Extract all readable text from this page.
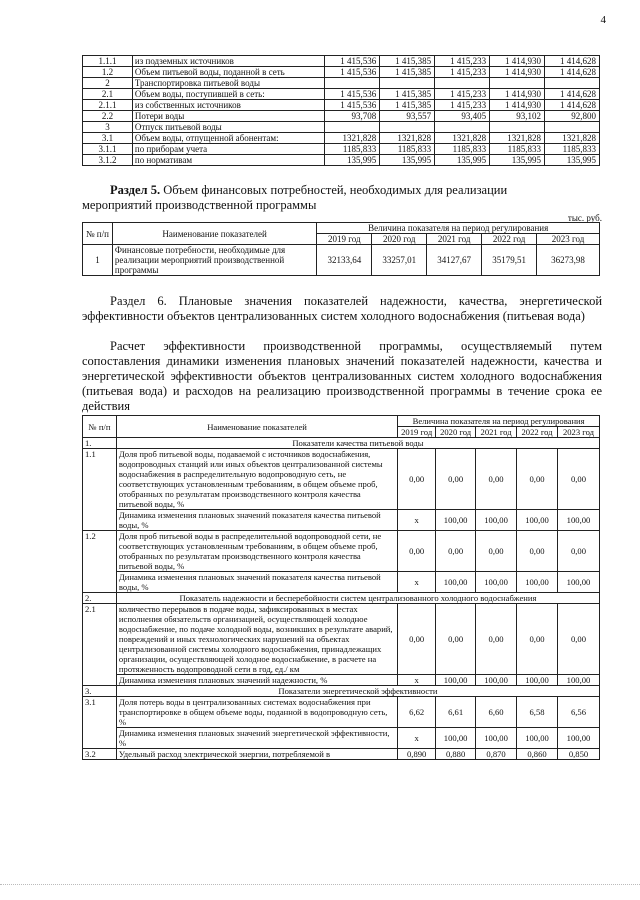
4
1.1.1	из подземных источников	1 415,536	1 415,385	1 415,233	1 414,930	1 414,628
1.2	Объем питьевой воды, поданной в сеть	1 415,536	1 415,385	1 415,233	1 414,930	1 414,628
2	Транспортировка питьевой воды					
2.1	Объем воды, поступившей в сеть:	1 415,536	1 415,385	1 415,233	1 414,930	1 414,628
2.1.1	из собственных источников	1 415,536	1 415,385	1 415,233	1 414,930	1 414,628
2.2	Потери воды	93,708	93,557	93,405	93,102	92,800
3	Отпуск питьевой воды					
3.1	Объем воды, отпущенной абонентам:	1321,828	1321,828	1321,828	1321,828	1321,828
3.1.1	по приборам учета	1185,833	1185,833	1185,833	1185,833	1185,833
3.1.2	по нормативам	135,995	135,995	135,995	135,995	135,995
Раздел 5. Объем финансовых потребностей, необходимых для реализации
мероприятий производственной программы
тыс. руб.
№ п/п	Наименование показателей	Величина показателя на период регулирования				
		2019 год	2020 год	2021 год	2022 год	2023 год
1	Финансовые потребности, необходимые для реализации мероприятий производственной программы	32133,64	33257,01	34127,67	35179,51	36273,98
Раздел 6. Плановые значения показателей надежности, качества, энергетической эффективности объектов централизованных систем холодного водоснабжения (питьевая вода)
Расчет эффективности производственной программы, осуществляемый путем сопоставления динамики изменения плановых значений показателей надежности, качества и энергетической эффективности объектов централизованных систем холодного водоснабжения (питьевая вода) и расходов на реализацию производственной программы в течение срока ее действия
№ п/п	Наименование показателей	Величина показателя на период регулирования				
		2019 год	2020 год	2021 год	2022 год	2023 год
1.	Показатели качества питьевой воды					
1.1	Доля проб питьевой воды, подаваемой с источников водоснабжения, водопроводных станций или иных объектов централизованной системы водоснабжения в распределительную водопроводную сеть, не соответствующих установленным требованиям, в общем объеме проб, отобранных по результатам производственного контроля качества питьевой воды, %	0,00	0,00	0,00	0,00	0,00
	Динамика изменения плановых значений показателя качества питьевой воды, %	х	100,00	100,00	100,00	100,00
1.2	Доля проб питьевой воды в распределительной водопроводной сети, не соответствующих установленным требованиям, в общем объеме проб, отобранных по результатам производственного контроля качества питьевой воды, %	0,00	0,00	0,00	0,00	0,00
	Динамика изменения плановых значений показателя качества питьевой воды, %	х	100,00	100,00	100,00	100,00
2.	Показатель надежности и бесперебойности систем централизованного холодного водоснабжения					
2.1	количество перерывов в подаче воды, зафиксированных в местах исполнения обязательств организацией, осуществляющей холодное водоснабжение, по подаче холодной воды, возникших в результате аварий, повреждений и иных технологических нарушений на объектах централизованной системы холодного водоснабжения, принадлежащих организации, осуществляющей холодное водоснабжение, в расчете на протяженность водопроводной сети в год, ед./ км	0,00	0,00	0,00	0,00	0,00
	Динамика изменения плановых значений надежности, %	х	100,00	100,00	100,00	100,00
3.	Показатели энергетической эффективности					
3.1	Доля потерь воды в централизованных системах водоснабжения при транспортировке в общем объеме воды, поданной в водопроводную сеть, %	6,62	6,61	6,60	6,58	6,56
	Динамика изменения плановых значений энергетической эффективности, %	х	100,00	100,00	100,00	100,00
3.2	Удельный расход электрической энергии, потребляемой в	0,890	0,880	0,870	0,860	0,850
